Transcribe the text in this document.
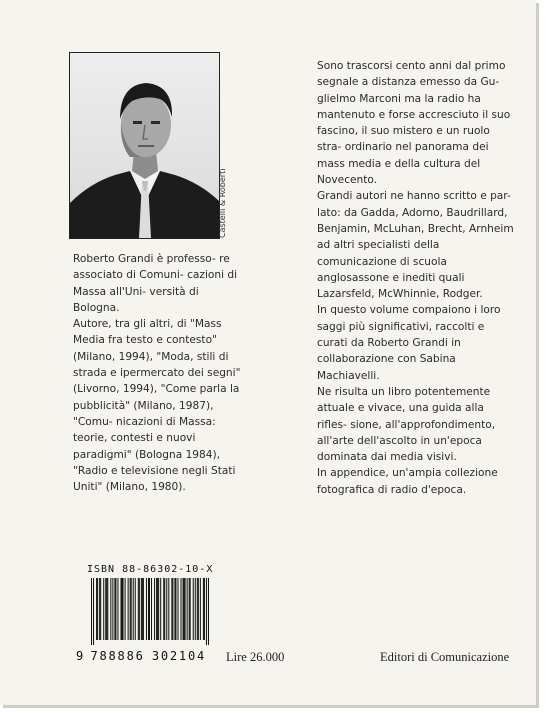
Castelli & Roberti

Roberto Grandi è professo- re associato di Comuni- cazioni di Massa all'Uni- versità di Bologna.

Autore, tra gli altri, di "Mass Media fra testo e contesto" (Milano, 1994), "Moda, stili di strada e ipermercato dei segni" (Livorno, 1994), "Come parla la pubblicità" (Milano, 1987), "Comu- nicazioni di Massa: teorie, contesti e nuovi paradigmi" (Bologna 1984), "Radio e televisione negli Stati Uniti" (Milano, 1980).

Sono trascorsi cento anni dal primo segnale a distanza emesso da Gu- glielmo Marconi ma la radio ha mantenuto e forse accresciuto il suo fascino, il suo mistero e un ruolo stra- ordinario nel panorama dei mass media e della cultura del Novecento.

Grandi autori ne hanno scritto e par- lato: da Gadda, Adorno, Baudrillard, Benjamin, McLuhan, Brecht, Arnheim ad altri specialisti della comunicazione di scuola anglosassone e inediti quali Lazarsfeld, McWhinnie, Rodger.

In questo volume compaiono i loro saggi più significativi, raccolti e curati da Roberto Grandi in collaborazione con Sabina Machiavelli.

Ne risulta un libro potentemente attuale e vivace, una guida alla rifles- sione, all'approfondimento, all'arte dell'ascolto in un'epoca dominata dai media visivi.

In appendice, un'ampia collezione fotografica di radio d'epoca.

ISBN 88-86302-10-X
9 788886 302104 Lire 26.000	Editori di Comunicazione
